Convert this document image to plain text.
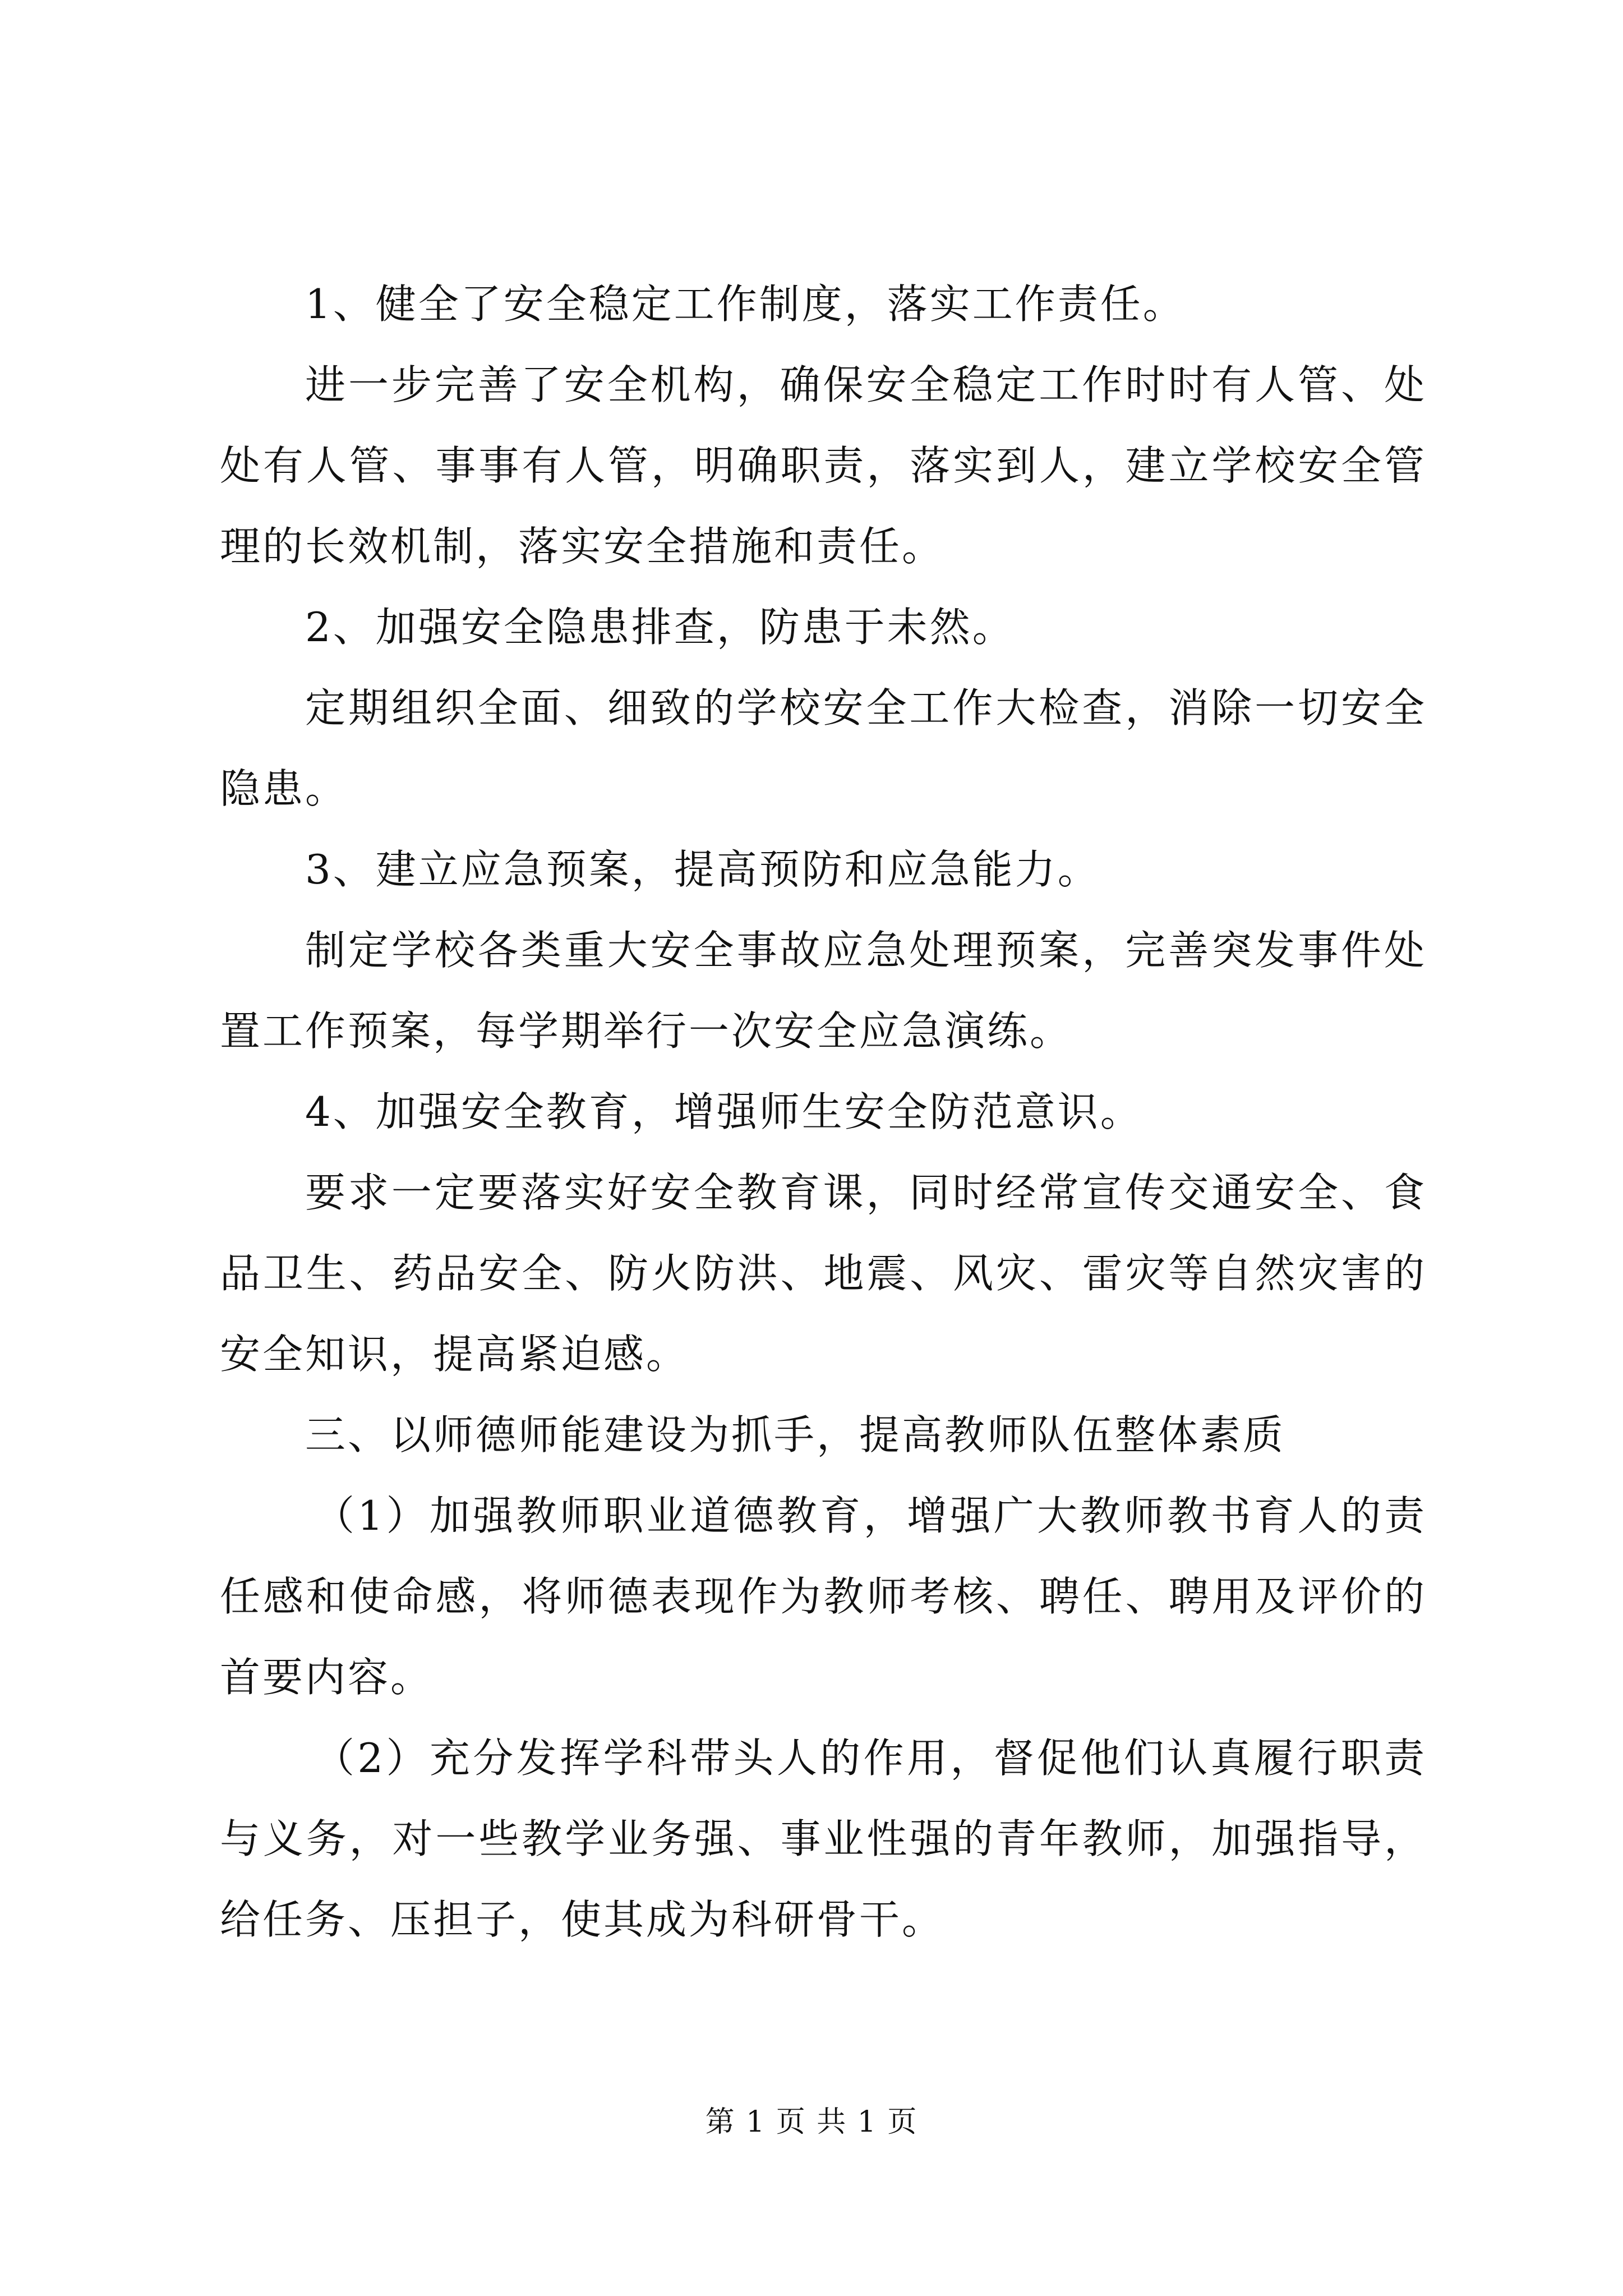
1、健全了安全稳定工作制度，落实工作责任。

进一步完善了安全机构，确保安全稳定工作时时有人管、处处有人管、事事有人管，明确职责，落实到人，建立学校安全管理的长效机制，落实安全措施和责任。

2、加强安全隐患排查，防患于未然。

定期组织全面、细致的学校安全工作大检查，消除一切安全隐患。

3、建立应急预案，提高预防和应急能力。

制定学校各类重大安全事故应急处理预案，完善突发事件处置工作预案，每学期举行一次安全应急演练。

4、加强安全教育，增强师生安全防范意识。

要求一定要落实好安全教育课，同时经常宣传交通安全、食品卫生、药品安全、防火防洪、地震、风灾、雷灾等自然灾害的安全知识，提高紧迫感。

三、以师德师能建设为抓手，提高教师队伍整体素质

（1）加强教师职业道德教育，增强广大教师教书育人的责任感和使命感，将师德表现作为教师考核、聘任、聘用及评价的首要内容。

（2）充分发挥学科带头人的作用，督促他们认真履行职责与义务，对一些教学业务强、事业性强的青年教师，加强指导，给任务、压担子，使其成为科研骨干。

第 1 页 共 1 页
